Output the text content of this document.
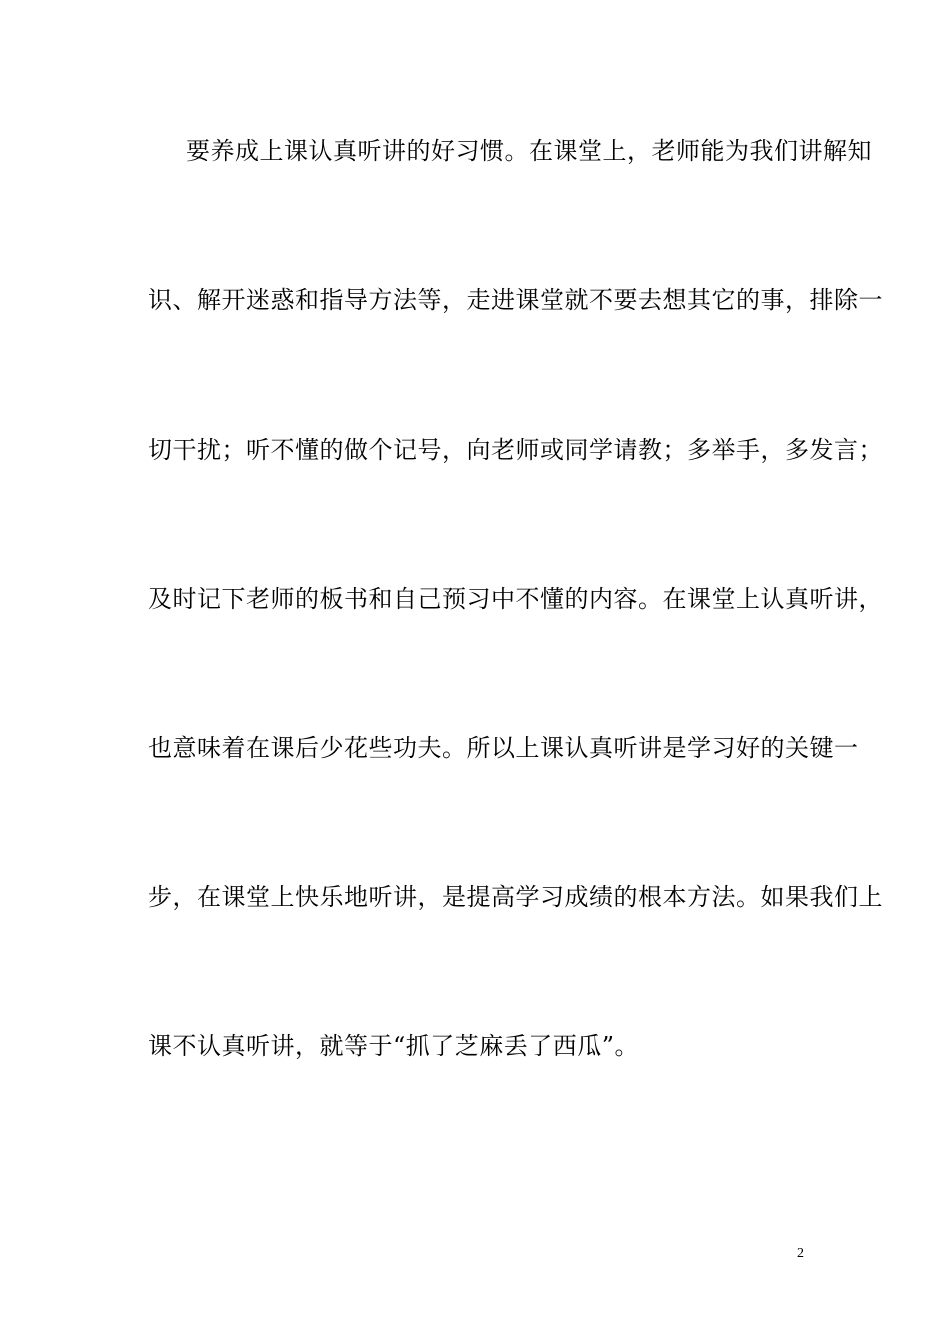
要养成上课认真听讲的好习惯。在课堂上，老师能为我们讲解知
识、解开迷惑和指导方法等，走进课堂就不要去想其它的事，排除一
切干扰；听不懂的做个记号，向老师或同学请教；多举手，多发言；
及时记下老师的板书和自己预习中不懂的内容。在课堂上认真听讲，
也意味着在课后少花些功夫。所以上课认真听讲是学习好的关键一
步，在课堂上快乐地听讲，是提高学习成绩的根本方法。如果我们上
课不认真听讲，就等于“抓了芝麻丢了西瓜”。
2
